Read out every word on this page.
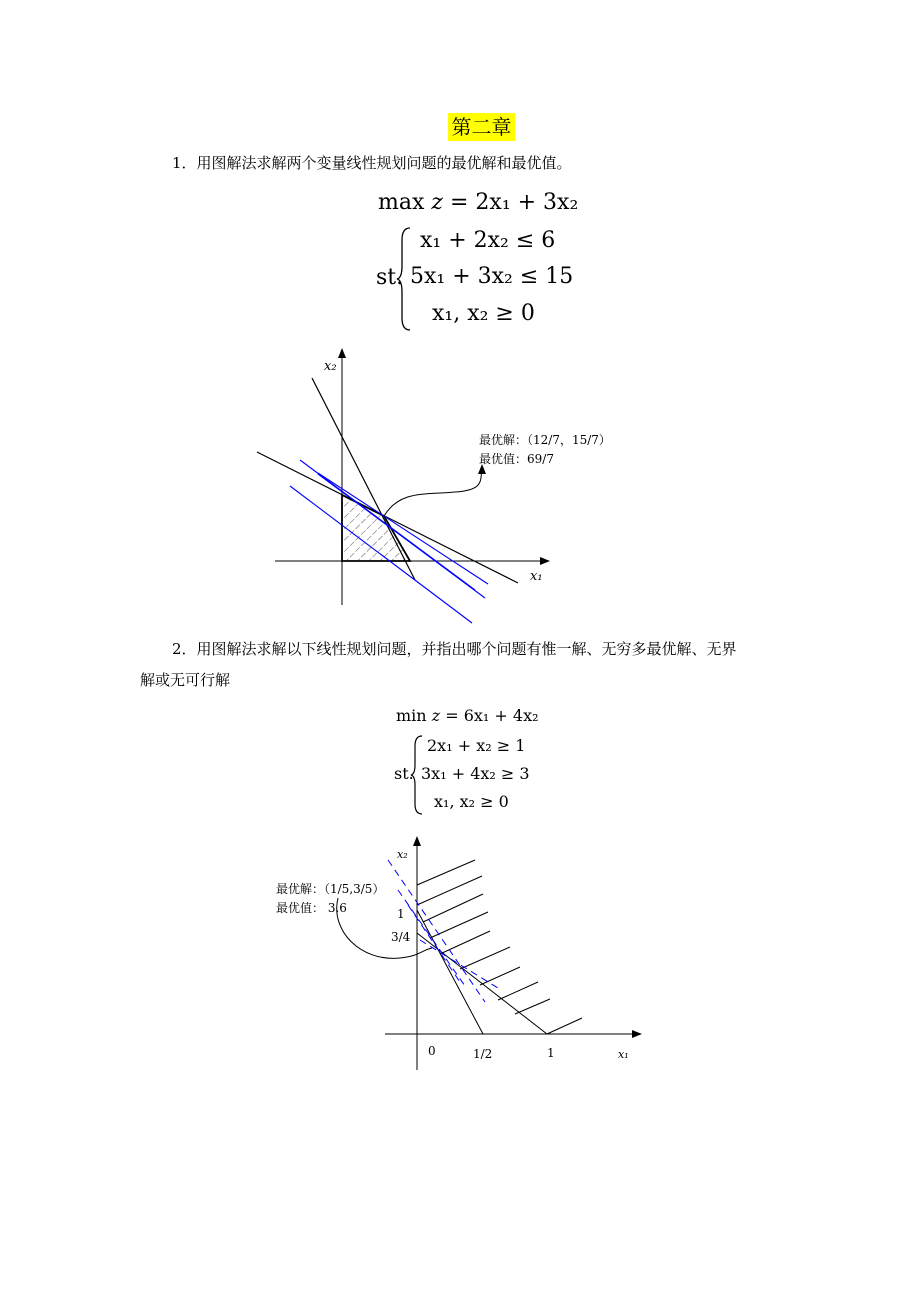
第二章
1．用图解法求解两个变量线性规划问题的最优解和最优值。
max z = 2x₁ + 3x₂
st.
x₁ + 2x₂ ≤ 6
5x₁ + 3x₂ ≤ 15
x₁, x₂ ≥ 0
x₂
x₁
最优解：（12/7，15/7）
最优值：69/7
2．用图解法求解以下线性规划问题，并指出哪个问题有惟一解、无穷多最优解、无界
解或无可行解
min z = 6x₁ + 4x₂
st.
2x₁ + x₂ ≥ 1
3x₁ + 4x₂ ≥ 3
x₁, x₂ ≥ 0
x₂
x₁
最优解：（1/5,3/5）
最优值： 3.6	1
3/4
0	1/2	1
